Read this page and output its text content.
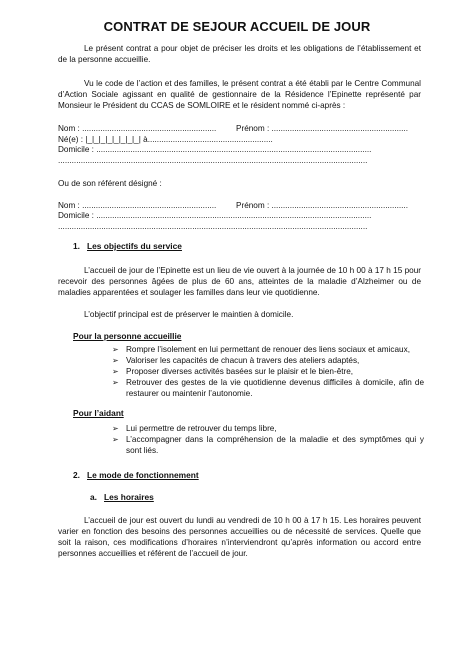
CONTRAT DE SEJOUR ACCUEIL DE JOUR
Le présent contrat a pour objet de préciser les droits et les obligations de l’établissement et de la personne accueillie.
Vu le code de l’action et des familles, le présent contrat a été établi par le Centre Communal d’Action Sociale agissant en qualité de gestionnaire de la Résidence l’Epinette représenté par Monsieur le Président du CCAS de SOMLOIRE et le résident nommé ci-après :
Nom : ........................................................... Prénom : ............................................................
Né(e) : |_|_|_|_|_|_|_|_| à.......................................................
Domicile : .........................................................................................................................
........................................................................................................................................
Ou de son référent désigné :
Nom : ........................................................... Prénom : ............................................................
Domicile : .........................................................................................................................
........................................................................................................................................
1. Les objectifs du service
L’accueil de jour de l’Epinette est un lieu de vie ouvert à la journée de 10 h 00 à 17 h 15 pour recevoir des personnes âgées de plus de 60 ans, atteintes de la maladie d’Alzheimer ou de maladies apparentées et soulager les familles dans leur vie quotidienne.
L’objectif principal est de préserver le maintien à domicile.
Pour la personne accueillie
➢ Rompre l’isolement en lui permettant de renouer des liens sociaux et amicaux,
➢ Valoriser les capacités de chacun à travers des ateliers adaptés,
➢ Proposer diverses activités basées sur le plaisir et le bien-être,
➢ Retrouver des gestes de la vie quotidienne devenus difficiles à domicile, afin de restaurer ou maintenir l’autonomie.
Pour l’aidant
➢ Lui permettre de retrouver du temps libre,
➢ L’accompagner dans la compréhension de la maladie et des symptômes qui y sont liés.
2. Le mode de fonctionnement
a. Les horaires
L’accueil de jour est ouvert du lundi au vendredi de 10 h 00 à 17 h 15. Les horaires peuvent varier en fonction des besoins des personnes accueillies ou de nécessité de services. Quelle que soit la raison, ces modifications d’horaires n’interviendront qu’après information ou accord entre personnes accueillies et référent de l’accueil de jour.
